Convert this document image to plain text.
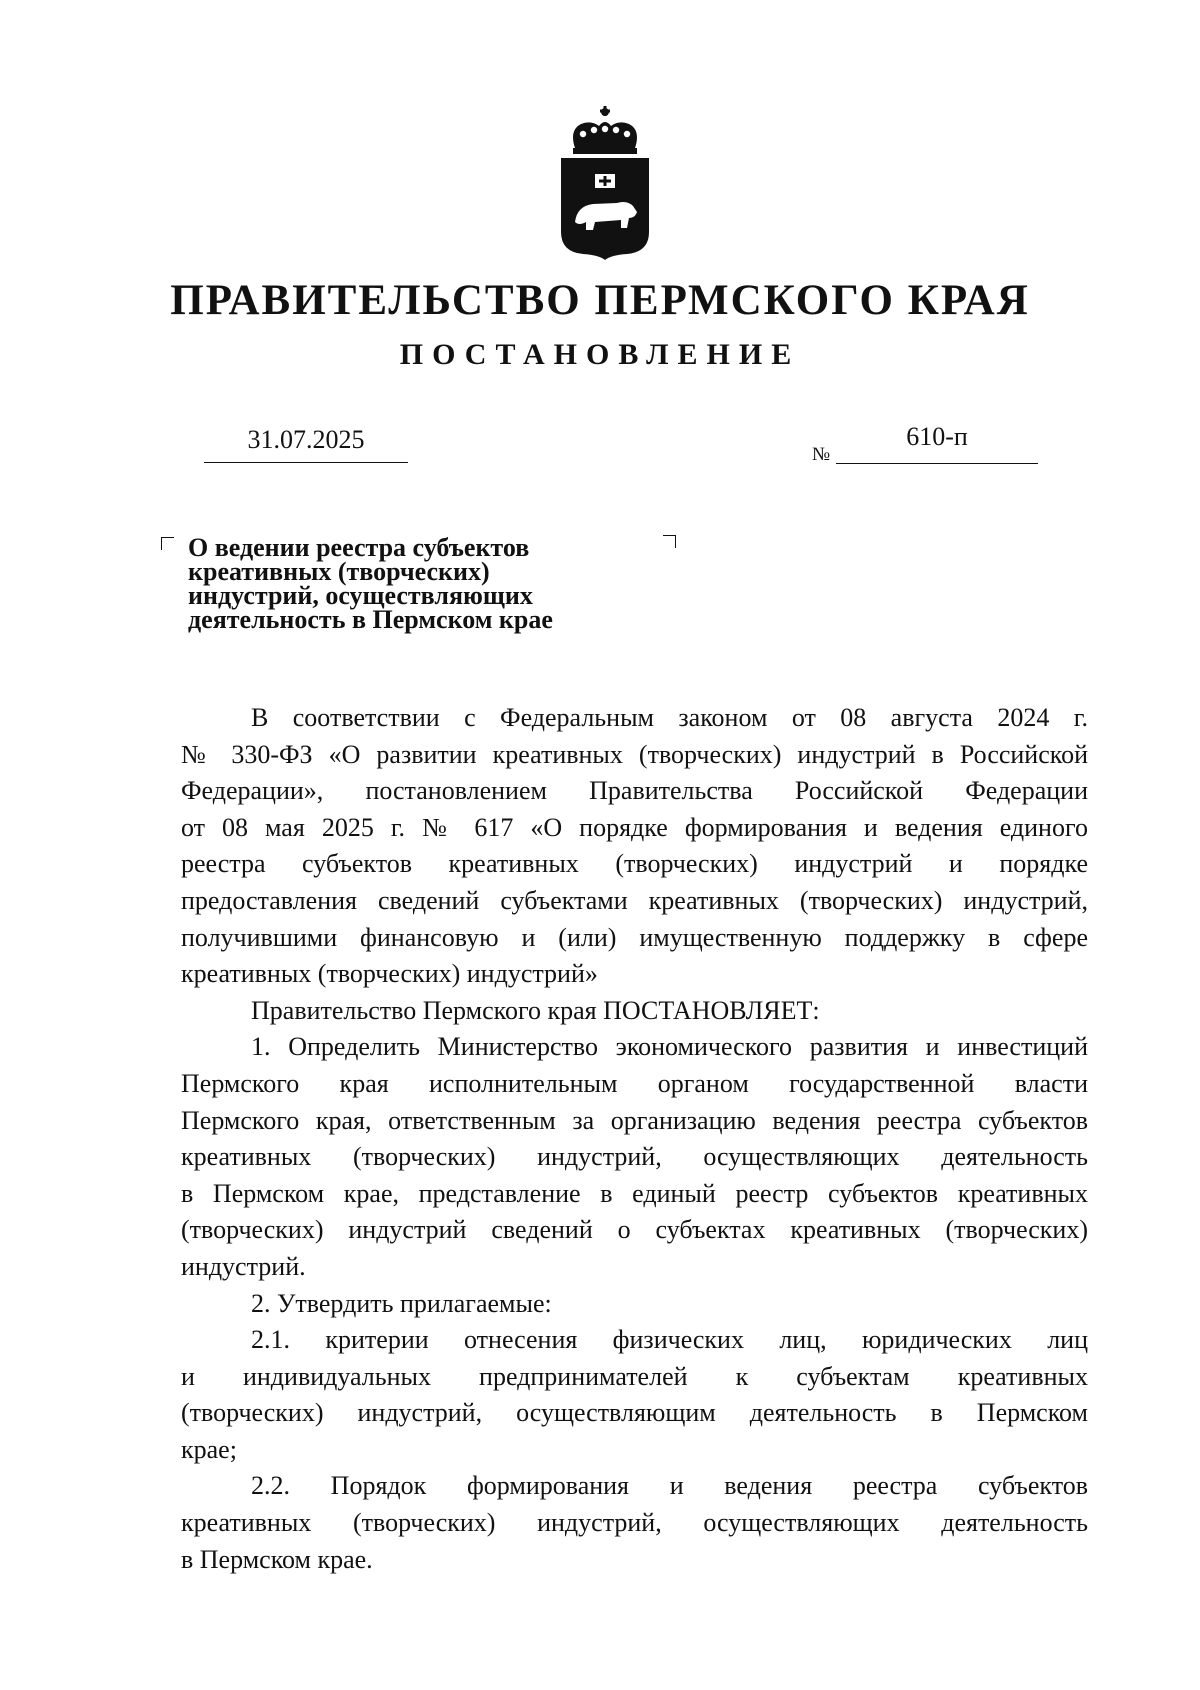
ПРАВИТЕЛЬСТВО ПЕРМСКОГО КРАЯ
ПОСТАНОВЛЕНИЕ
31.07.2025
№
610-п
О ведении реестра субъектов
креативных (творческих)
индустрий, осуществляющих
деятельность в Пермском крае
В соответствии с Федеральным законом от 08 августа 2024 г.
№ 330-ФЗ «О развитии креативных (творческих) индустрий в Российской
Федерации», постановлением Правительства Российской Федерации
от 08 мая 2025 г. № 617 «О порядке формирования и ведения единого
реестра субъектов креативных (творческих) индустрий и порядке
предоставления сведений субъектами креативных (творческих) индустрий,
получившими финансовую и (или) имущественную поддержку в сфере
креативных (творческих) индустрий»
Правительство Пермского края ПОСТАНОВЛЯЕТ:
1. Определить Министерство экономического развития и инвестиций
Пермского края исполнительным органом государственной власти
Пермского края, ответственным за организацию ведения реестра субъектов
креативных (творческих) индустрий, осуществляющих деятельность
в Пермском крае, представление в единый реестр субъектов креативных
(творческих) индустрий сведений о субъектах креативных (творческих)
индустрий.
2. Утвердить прилагаемые:
2.1. критерии отнесения физических лиц, юридических лиц
и индивидуальных предпринимателей к субъектам креативных
(творческих) индустрий, осуществляющим деятельность в Пермском
крае;
2.2. Порядок формирования и ведения реестра субъектов
креативных (творческих) индустрий, осуществляющих деятельность
в Пермском крае.
